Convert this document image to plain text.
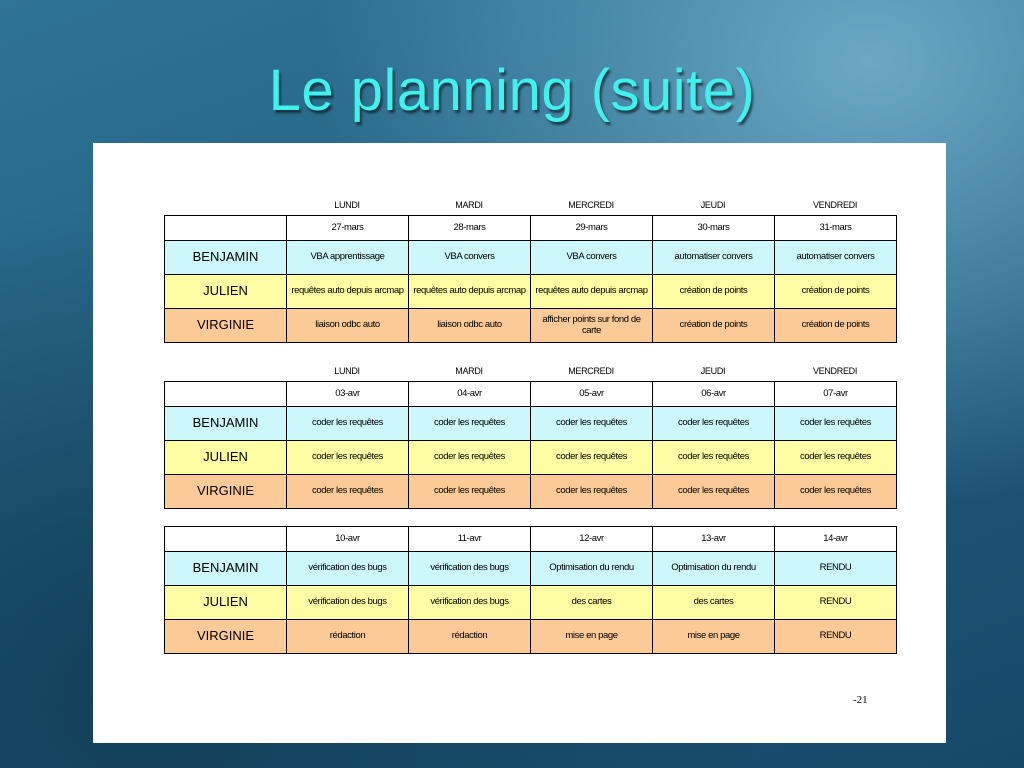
Le planning (suite)
LUNDI	MARDI	MERCREDI	JEUDI	VENDREDI
	27-mars	28-mars	29-mars	30-mars	31-mars
BENJAMIN	VBA apprentissage	VBA convers	VBA convers	automatiser convers	automatiser convers
JULIEN	requêtes auto depuis arcmap	requêtes auto depuis arcmap	requêtes auto depuis arcmap	création de points	création de points
VIRGINIE	liaison odbc auto	liaison odbc auto	afficher points sur fond de carte	création de points	création de points
LUNDI	MARDI	MERCREDI	JEUDI	VENDREDI
	03-avr	04-avr	05-avr	06-avr	07-avr
BENJAMIN	coder les requêtes	coder les requêtes	coder les requêtes	coder les requêtes	coder les requêtes
JULIEN	coder les requêtes	coder les requêtes	coder les requêtes	coder les requêtes	coder les requêtes
VIRGINIE	coder les requêtes	coder les requêtes	coder les requêtes	coder les requêtes	coder les requêtes
	10-avr	11-avr	12-avr	13-avr	14-avr
BENJAMIN	vérification des bugs	vérification des bugs	Optimisation du rendu	Optimisation du rendu	RENDU
JULIEN	vérification des bugs	vérification des bugs	des cartes	des cartes	RENDU
VIRGINIE	rédaction	rédaction	mise en page	mise en page	RENDU
-21
